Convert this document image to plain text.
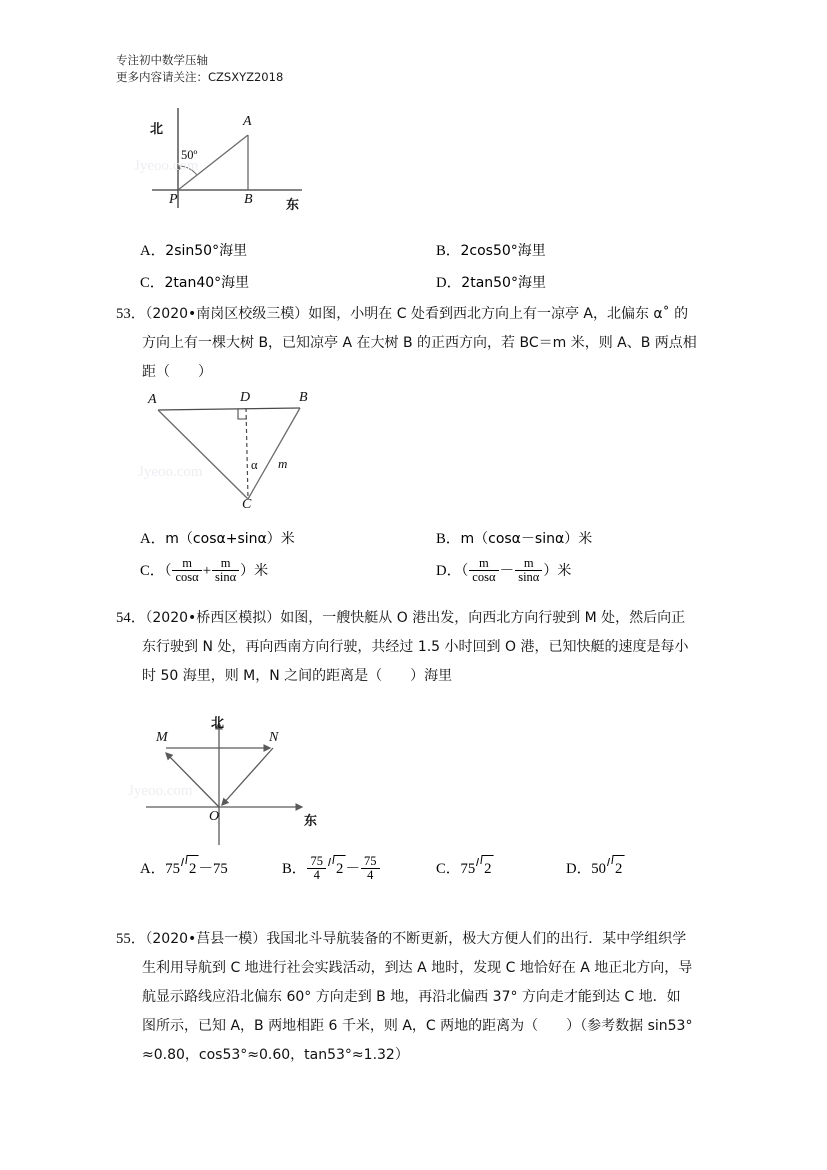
专注初中数学压轴
更多内容请关注：CZSXYZ2018
Jyeoo.com
北
东
50º
A
B
P
A．2sin50°海里	B．2cos50°海里
C．2tan40°海里	D．2tan50°海里
53．（2020•南岗区校级三模）如图，小明在 C 处看到西北方向上有一凉亭 A，北偏东 α˚ 的
方向上有一棵大树 B，已知凉亭 A 在大树 B 的正西方向，若 BC＝m 米，则 A、B 两点相
距（　　）
Jyeoo.com
A	B
D
C
α m
A．m（cosα+sinα）米	B．m（cosα－sinα）米
C．（ $\frac{m}{\cos\alpha} + \frac{m}{\sin\alpha}$ ）米	D．（ $\frac{m}{\cos\alpha} - \frac{m}{\sin\alpha}$ ）米
54．（2020•桥西区模拟）如图，一艘快艇从 O 港出发，向西北方向行驶到 M 处，然后向正
东行驶到 N 处，再向西南方向行驶，共经过 1.5 小时回到 O 港，已知快艇的速度是每小
时 50 海里，则 M，N 之间的距离是（　　）海里
Jyeoo.com
北
东
M	N
O
A．75 2 －75	B． $\frac{75}{4} 2 - \frac{75}{4}$	C．75 2	D．50 2
55．（2020•莒县一模）我国北斗导航装备的不断更新，极大方便人们的出行．某中学组织学
生利用导航到 C 地进行社会实践活动，到达 A 地时，发现 C 地恰好在 A 地正北方向，导
航显示路线应沿北偏东 60° 方向走到 B 地，再沿北偏西 37° 方向走才能到达 C 地．如
图所示，已知 A，B 两地相距 6 千米，则 A，C 两地的距离为（　　）（参考数据 sin53°
≈0.80，cos53°≈0.60，tan53°≈1.32）
